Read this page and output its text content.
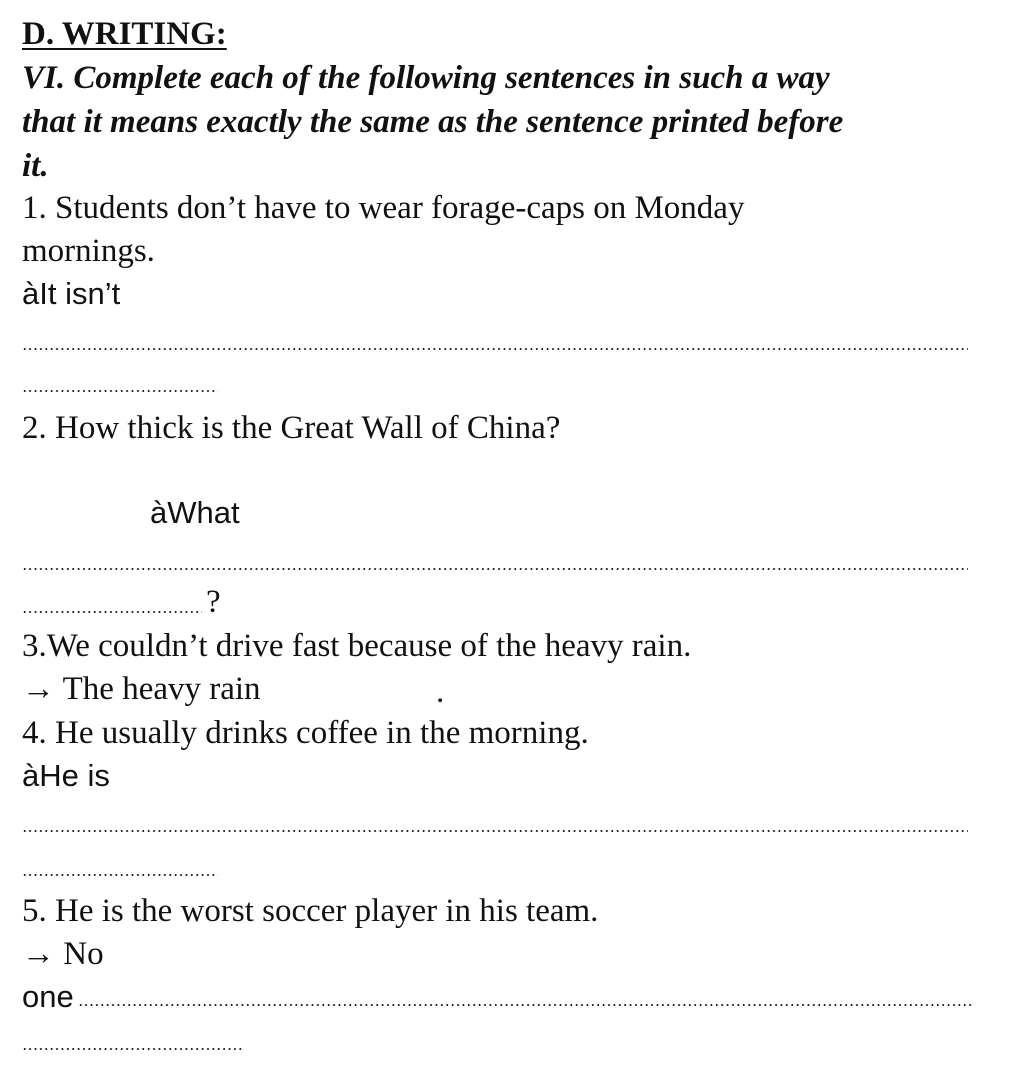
D. WRITING:
VI. Complete each of the following sentences in such a way
that it means exactly the same as the sentence printed before
it.
1. Students don’t have to wear forage-caps on Monday
mornings.
àIt isn’t
2. How thick is the Great Wall of China?
àWhat
?
3.We couldn’t drive fast because of the heavy rain.
→ The heavy rain	.
4. He usually drinks coffee in the morning.
àHe is
5. He is the worst soccer player in his team.
→ No
one
